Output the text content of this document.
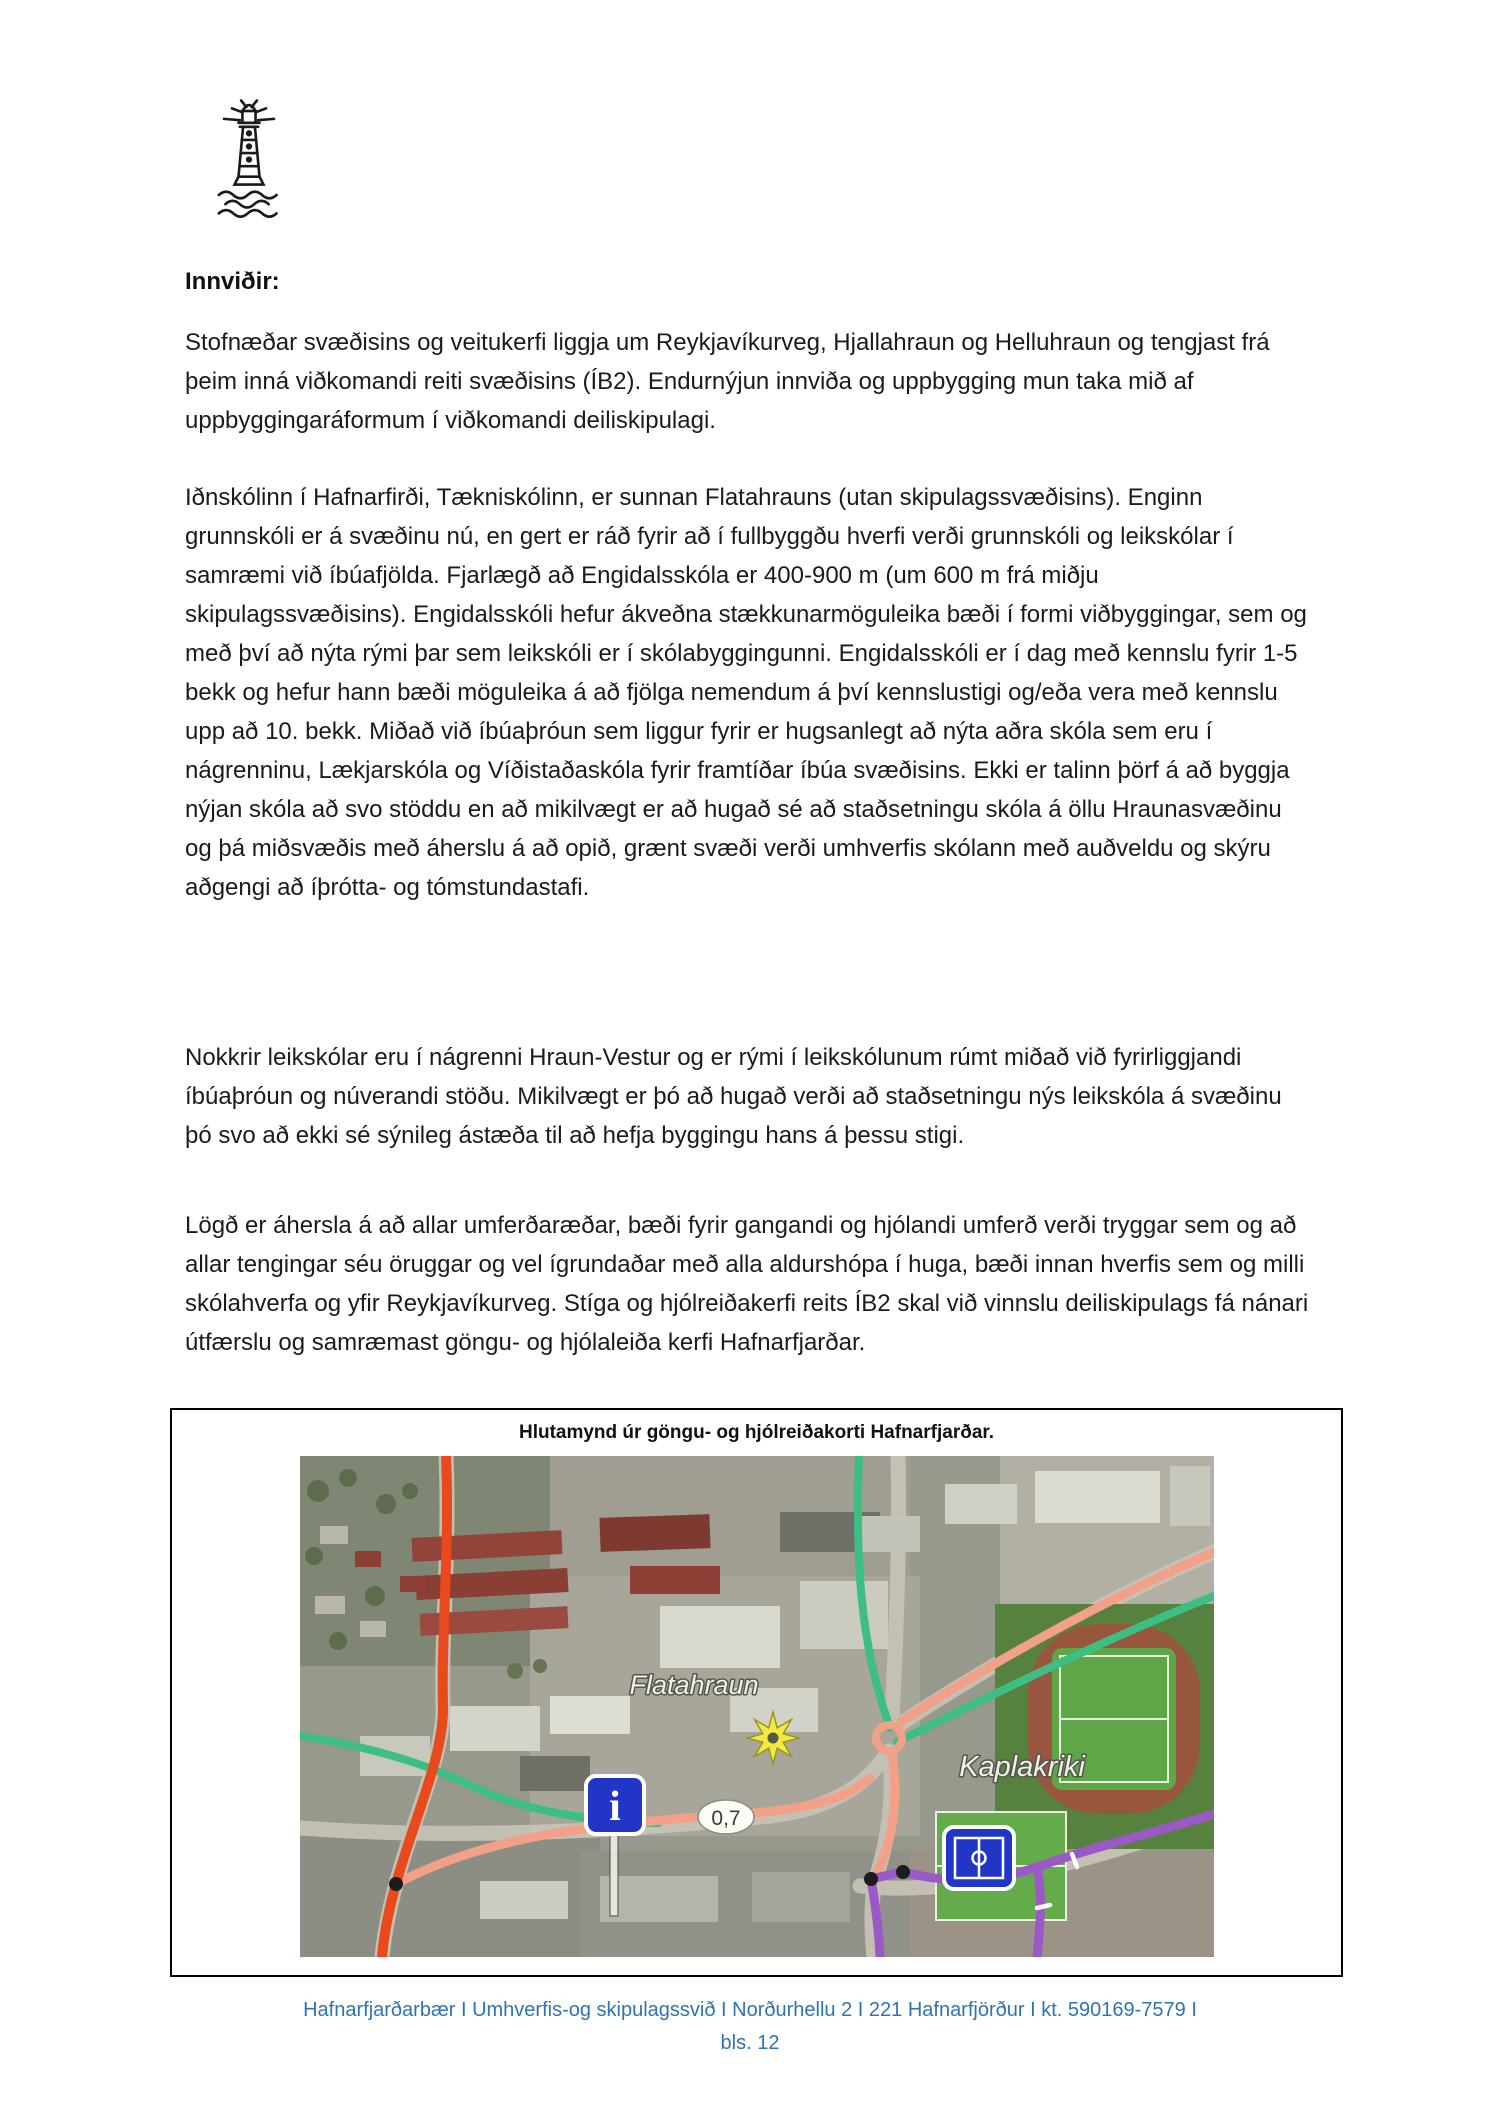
Innviðir:

Stofnæðar svæðisins og veitukerfi liggja um Reykjavíkurveg, Hjallahraun og Helluhraun og tengjast frá þeim inná viðkomandi reiti svæðisins (ÍB2). Endurnýjun innviða og uppbygging mun taka mið af uppbyggingaráformum í viðkomandi deiliskipulagi.

Iðnskólinn í Hafnarfirði, Tækniskólinn, er sunnan Flatahrauns (utan skipulagssvæðisins). Enginn grunnskóli er á svæðinu nú, en gert er ráð fyrir að í fullbyggðu hverfi verði grunnskóli og leikskólar í samræmi við íbúafjölda. Fjarlægð að Engidalsskóla er 400-900 m (um 600 m frá miðju skipulagssvæðisins). Engidalsskóli hefur ákveðna stækkunarmöguleika bæði í formi viðbyggingar, sem og með því að nýta rými þar sem leikskóli er í skólabyggingunni. Engidalsskóli er í dag með kennslu fyrir 1-5 bekk og hefur hann bæði möguleika á að fjölga nemendum á því kennslustigi og/eða vera með kennslu upp að 10. bekk. Miðað við íbúaþróun sem liggur fyrir er hugsanlegt að nýta aðra skóla sem eru í nágrenninu, Lækjarskóla og Víðistaðaskóla fyrir framtíðar íbúa svæðisins. Ekki er talinn þörf á að byggja nýjan skóla að svo stöddu en að mikilvægt er að hugað sé að staðsetningu skóla á öllu Hraunasvæðinu og þá miðsvæðis með áherslu á að opið, grænt svæði verði umhverfis skólann með auðveldu og skýru aðgengi að íþrótta- og tómstundastafi.

Nokkrir leikskólar eru í nágrenni Hraun-Vestur og er rými í leikskólunum rúmt miðað við fyrirliggjandi íbúaþróun og núverandi stöðu. Mikilvægt er þó að hugað verði að staðsetningu nýs leikskóla á svæðinu þó svo að ekki sé sýnileg ástæða til að hefja byggingu hans á þessu stigi.

Lögð er áhersla á að allar umferðaræðar, bæði fyrir gangandi og hjólandi umferð verði tryggar sem og að allar tengingar séu öruggar og vel ígrundaðar með alla aldurshópa í huga, bæði innan hverfis sem og milli skólahverfa og yfir Reykjavíkurveg. Stíga og hjólreiðakerfi reits ÍB2 skal við vinnslu deiliskipulags fá nánari útfærslu og samræmast göngu- og hjólaleiða kerfi Hafnarfjarðar.

Hlutamynd úr göngu- og hjólreiðakorti Hafnarfjarðar.
0,7
i
Flatahraun
Kaplakriki
Hafnarfjarðarbær I Umhverfis-og skipulagssvið I Norðurhellu 2 I 221 Hafnarfjörður I kt. 590169-7579 I
bls. 12
